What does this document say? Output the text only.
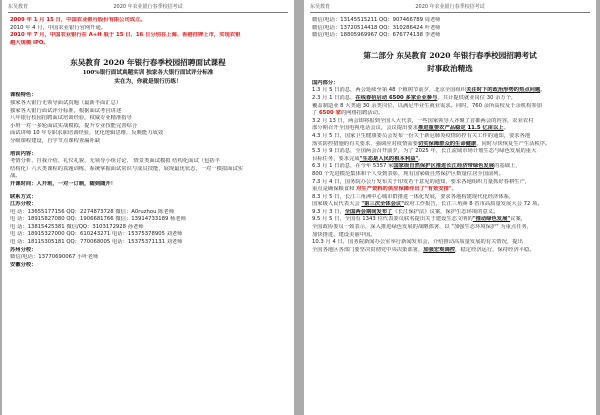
东吴教育	2020 年农业银行春季校招考试
2009 年 1 月 15 日，中国农业银行股份有限公司成立。
2010 年 4 月，中国农业银行官网开通。
2010 年 7 月，中国农业银行在 A+H 股于 15 日、16 日分别在上海、香港挂牌上市，实现农银
越大规模 IPO。
东吴教育 2020 年银行春季校园招聘面试课程
100%银行面试真题实训 独家各大银行面试评分标准
实在为，你就是银行历练！
课程特色：
独家各大银行无领导面试真题（最新半面汇总）
独家各大银行面试评分标准，根据面试考官讲述
八年银行校园招聘面试培训经验，权威专业精准指导
小班一对一多轮面试实战模拟，提升专业技能完善综合
面试讲师 10 年专职求职培训经验，优化逻辑思维，反映能力成效
分级课程建设，自学节点课程查漏补缺
培训内容：
考情分析、自我介绍、礼仪礼貌、无领导小组讨论、 情景类面试模拟 结构化面试（包括半
结构化）六大类课程的真题训练，系统掌握面试常识与成员技能，展现最优状态，一对一模拟面试实
战。
开课时间：人开班，一对一订制，随到随开！
联系方式：
江苏分校：
电 话：13655177156 QQ：2274873728 微信：A0ruzhou 陈老师
电 话：18915827080 QQ：1906681766 微信：13914733189 杨老师
电 话：13815425381 微信/QQ：3103172928 孙老师
电 话：18915327000 QQ：610243271 电话：15375378905 刘老师
电 话：18115305181 QQ：770068005 电话：15375371131 刘老师
苏州分校：
微信/电话：13770690067 小叶老师
安徽分校：
东吴教育	2020 年农业银行春季校招考试
微信/电话：13145515211 QQ：907466789 周老师
微信/电话：13720514418 QQ：310286424 叶老师
微信/电话：18805969967 QQ：676774138 李老师
第二部分 东吴教育 2020 年银行春季校园招聘考试
时事政治精选
国内部分：
1.3 月 5 日消息，两会延续至第 48 个植树节前夕，北京全国组织关注时下的政治形势的热点问题。
2.3 月 1 日消息，在线春招启动 6500 多家企业参与，共计提供就业岗位 30 余万个，
覆盖制造业 8 大类逾 30 余类岗位，以满足毕业生就业需求。同时，760 余所高校及千余机构参加
了 6500 家的网络招聘活动。
3.2 月 13 日，两会即将报到全国人大代表，一些国家领导人齐聚了首都两会的内容，农业农村
部分期召开全国电视电话会议，会议提出要求推进重要农产品稳定 11.5 亿亩以上。
4.3 月 5 日，国家卫生健康委员会发布一份关于新冠肺炎疫情防控有关工作的通知，要求各地
落实防控措施的有关要求，强调应对疫情需要切实保障群众的生命健康，同时尽快恢复生产生活秩序。
5.3 月 9 日消息，全国两会召开前夕，为了 2025 年，长江流域市场计划生态与绿色发展的重大
目标任务，要求完成"生态是人民的根本利益"。
6.3 月 1 日消息，在今年 5357 家国家级自然保护区推进长江经济带绿色发展的基础上，
800 个先进模范集体和个人受到表彰，现有国家级自然保护区数量位居全国前列。
7.3 月 4 日，国务院办公厅发布关于印发若干意见的通知，要求各地组织力量抓好春耕生产，
重点是确保粮食和 对生产资料的供应保障作出了"有效安排"。
8.3 月 5 日，长江三角洲中心城市群推进一体化发展，要求各地构建现代化经济体系，
国家级人民代表大会 "第三次全体会议"政府工作报告，长江三角洲 8 省市高质量发展大会 72 项。
9.3 月 3 日，全国两会期间发布了《长江保护法》议案，保护生态环境的意义。
9.5 月 5 日，全国有 1343 位代表委员联名提出关于建设生态文明的"推动绿色发展"议案，
全国政协委员一致表示，深入推进绿色发展的战略部署，以 "加强生态环境保护" 为重点任务，
加快推进、建设美丽中国。
10.3 月 4 日，国务院新闻办公室举行新闻发布会，介绍推动高质量发展的有关情况，提出
全国各地区各部门要坚决贯彻党中央决策部署，加强宏观调控，稳定经济运行，保持经济平稳。
